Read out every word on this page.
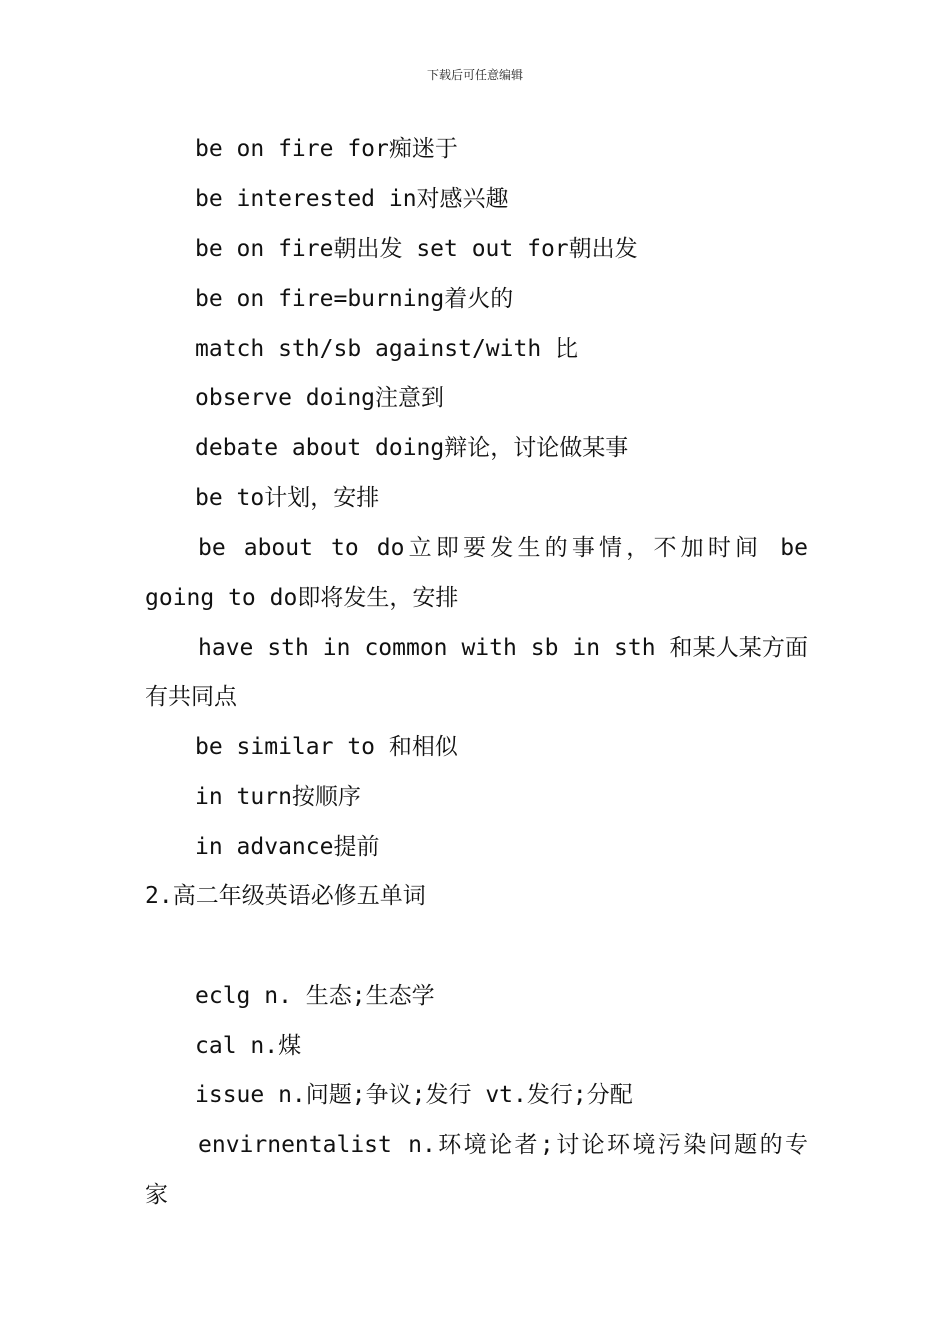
下载后可任意编辑
be on fire for痴迷于
be interested in对感兴趣
be on fire朝出发 set out for朝出发
be on fire=burning着火的
match sth/sb against/with 比
observe doing注意到
debate about doing辩论，讨论做某事
be to计划，安排
be about to do立即要发生的事情，不加时间 be
going to do即将发生，安排
have sth in common with sb in sth 和某人某方面
有共同点
be similar to 和相似
in turn按顺序
in advance提前
2.高二年级英语必修五单词
eclg n. 生态;生态学
cal n.煤
issue n.问题;争议;发行 vt.发行;分配
envirnentalist n.环境论者;讨论环境污染问题的专
家
